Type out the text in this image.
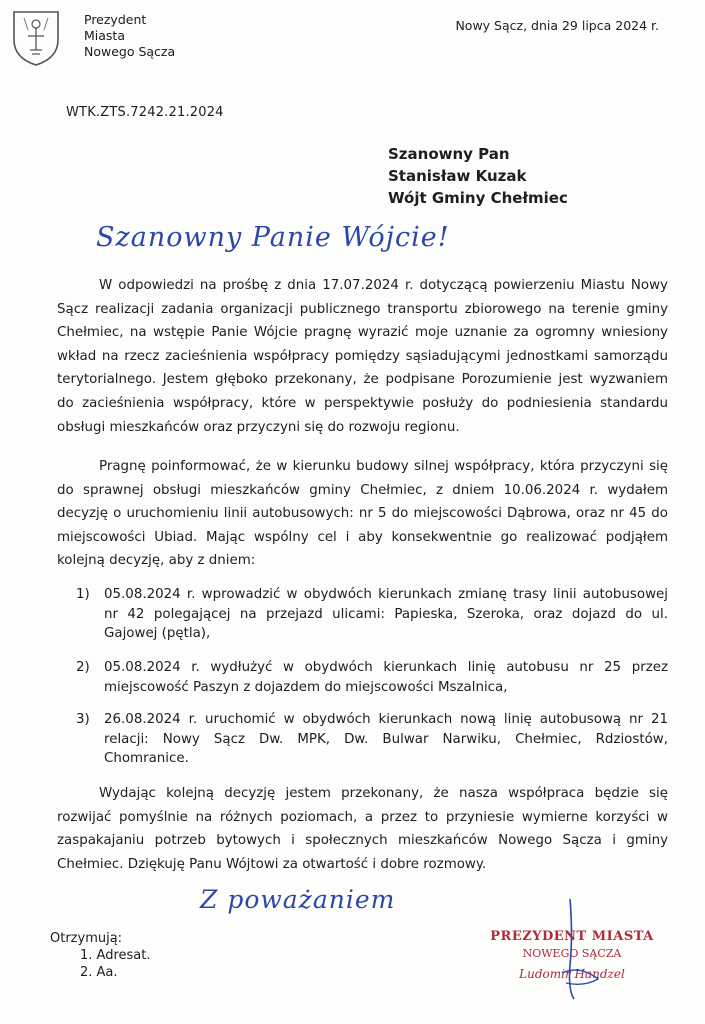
Prezydent
Miasta
Nowego Sącza
Nowy Sącz, dnia 29 lipca 2024 r.
WTK.ZTS.7242.21.2024
Szanowny Pan
Stanisław Kuzak
Wójt Gminy Chełmiec
Szanowny Panie Wójcie!
W odpowiedzi na prośbę z dnia 17.07.2024 r. dotyczącą powierzeniu Miastu Nowy Sącz realizacji zadania organizacji publicznego transportu zbiorowego na terenie gminy Chełmiec, na wstępie Panie Wójcie pragnę wyrazić moje uznanie za ogromny wniesiony wkład na rzecz zacieśnienia współpracy pomiędzy sąsiadującymi jednostkami samorządu terytorialnego. Jestem głęboko przekonany, że podpisane Porozumienie jest wyzwaniem do zacieśnienia współpracy, które w perspektywie posłuży do podniesienia standardu obsługi mieszkańców oraz przyczyni się do rozwoju regionu.
Pragnę poinformować, że w kierunku budowy silnej współpracy, która przyczyni się do sprawnej obsługi mieszkańców gminy Chełmiec, z dniem 10.06.2024 r. wydałem decyzję o uruchomieniu linii autobusowych: nr 5 do miejscowości Dąbrowa, oraz nr 45 do miejscowości Ubiad. Mając wspólny cel i aby konsekwentnie go realizować podjąłem kolejną decyzję, aby z dniem:
1) 05.08.2024 r. wprowadzić w obydwóch kierunkach zmianę trasy linii autobusowej nr 42 polegającej na przejazd ulicami: Papieska, Szeroka, oraz dojazd do ul. Gajowej (pętla),
2) 05.08.2024 r. wydłużyć w obydwóch kierunkach linię autobusu nr 25 przez miejscowość Paszyn z dojazdem do miejscowości Mszalnica,
3) 26.08.2024 r. uruchomić w obydwóch kierunkach nową linię autobusową nr 21 relacji: Nowy Sącz Dw. MPK, Dw. Bulwar Narwiku, Chełmiec, Rdziostów, Chomranice.
Wydając kolejną decyzję jestem przekonany, że nasza współpraca będzie się rozwijać pomyślnie na różnych poziomach, a przez to przyniesie wymierne korzyści w zaspakajaniu potrzeb bytowych i społecznych mieszkańców Nowego Sącza i gminy Chełmiec. Dziękuję Panu Wójtowi za otwartość i dobre rozmowy.
Z poważaniem
Otrzymują:
1. Adresat.
2. Aa.
PREZYDENT MIASTA
NOWEGO SĄCZA
Ludomir Handzel
